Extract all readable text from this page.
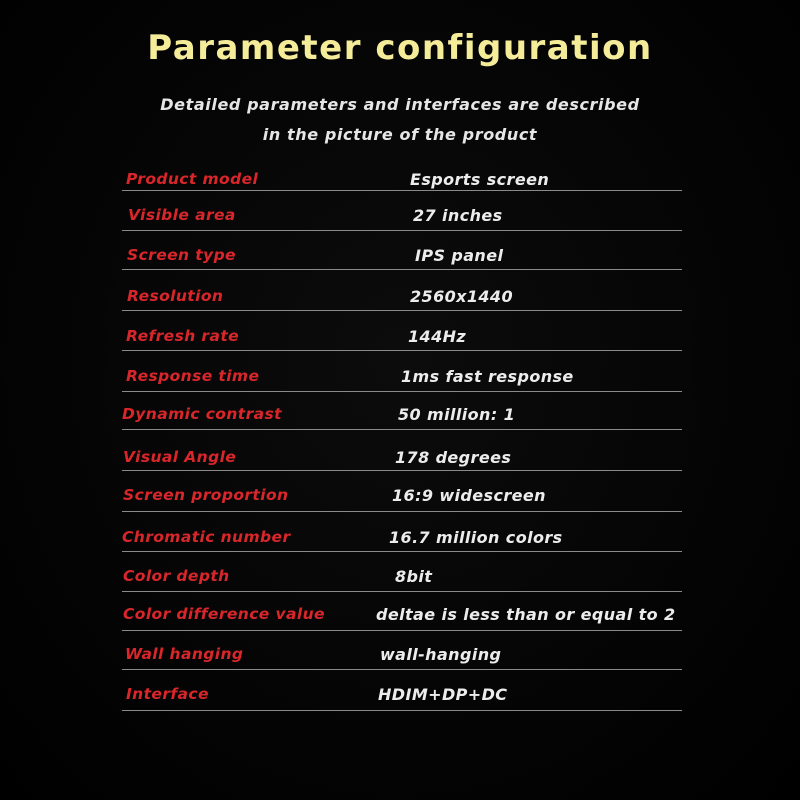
Parameter configuration
Detailed parameters and interfaces are described
in the picture of the product
Product model	Esports screen
Visible area	27 inches
Screen type	IPS panel
Resolution	2560x1440
Refresh rate	144Hz
Response time	1ms fast response
Dynamic contrast	50 million: 1
Visual Angle	178 degrees
Screen proportion	16:9 widescreen
Chromatic number	16.7 million colors
Color depth	8bit
Color difference value	deltae is less than or equal to 2
Wall hanging	wall-hanging
Interface	HDIM+DP+DC
